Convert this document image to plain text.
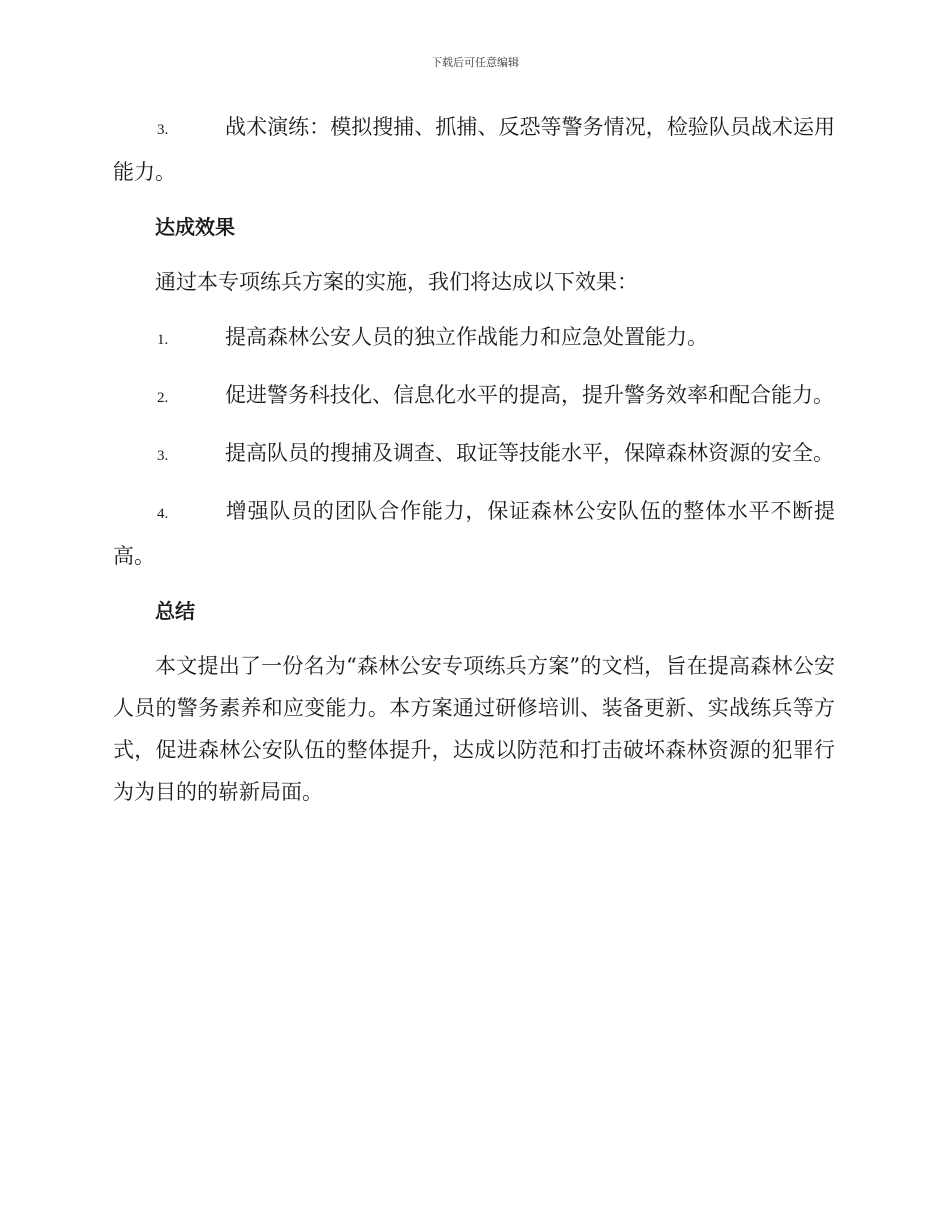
下载后可任意编辑
3.	战术演练：模拟搜捕、抓捕、反恐等警务情况，检验队员战术运用能力。
达成效果
通过本专项练兵方案的实施，我们将达成以下效果：
1.	提高森林公安人员的独立作战能力和应急处置能力。
2.	促进警务科技化、信息化水平的提高，提升警务效率和配合能力。
3.	提高队员的搜捕及调查、取证等技能水平，保障森林资源的安全。
4.	增强队员的团队合作能力，保证森林公安队伍的整体水平不断提高。
总结
本文提出了一份名为“森林公安专项练兵方案”的文档，旨在提高森林公安人员的警务素养和应变能力。本方案通过研修培训、装备更新、实战练兵等方式，促进森林公安队伍的整体提升，达成以防范和打击破坏森林资源的犯罪行为为目的的崭新局面。
